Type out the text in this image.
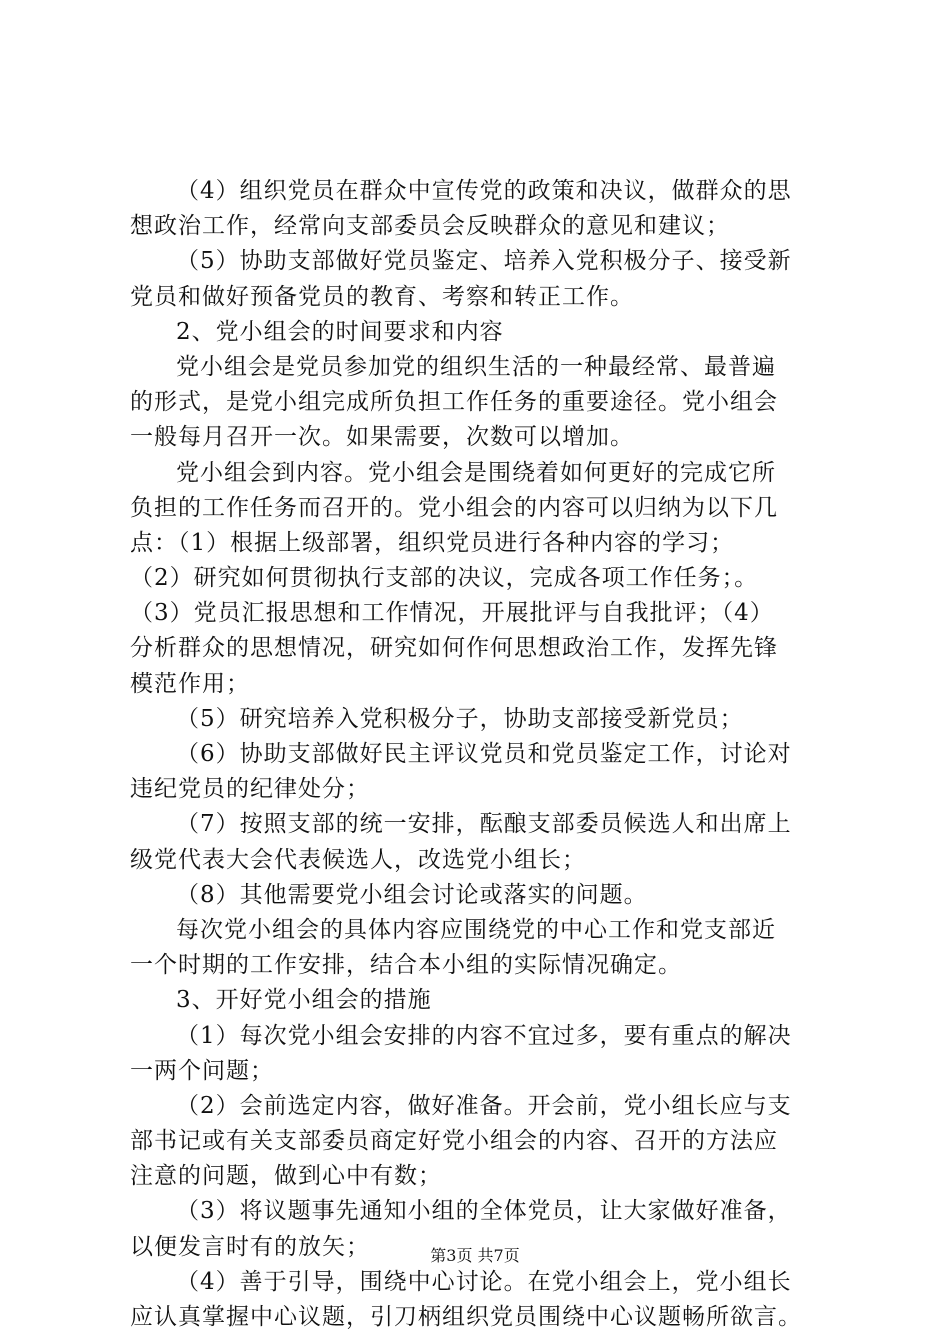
（4）组织党员在群众中宣传党的政策和决议，做群众的思
想政治工作，经常向支部委员会反映群众的意见和建议；
（5）协助支部做好党员鉴定、培养入党积极分子、接受新
党员和做好预备党员的教育、考察和转正工作。
2、党小组会的时间要求和内容
党小组会是党员参加党的组织生活的一种最经常、最普遍
的形式，是党小组完成所负担工作任务的重要途径。党小组会
一般每月召开一次。如果需要，次数可以增加。
党小组会到内容。党小组会是围绕着如何更好的完成它所
负担的工作任务而召开的。党小组会的内容可以归纳为以下几
点：（1）根据上级部署，组织党员进行各种内容的学习；
（2）研究如何贯彻执行支部的决议，完成各项工作任务；。
（3）党员汇报思想和工作情况，开展批评与自我批评；（4）
分析群众的思想情况，研究如何作何思想政治工作，发挥先锋
模范作用；
（5）研究培养入党积极分子，协助支部接受新党员；
（6）协助支部做好民主评议党员和党员鉴定工作，讨论对
违纪党员的纪律处分；
（7）按照支部的统一安排，酝酿支部委员候选人和出席上
级党代表大会代表候选人，改选党小组长；
（8）其他需要党小组会讨论或落实的问题。
每次党小组会的具体内容应围绕党的中心工作和党支部近
一个时期的工作安排，结合本小组的实际情况确定。
3、开好党小组会的措施
（1）每次党小组会安排的内容不宜过多，要有重点的解决
一两个问题；
（2）会前选定内容，做好准备。开会前，党小组长应与支
部书记或有关支部委员商定好党小组会的内容、召开的方法应
注意的问题，做到心中有数；
（3）将议题事先通知小组的全体党员，让大家做好准备，
以便发言时有的放矢；
（4）善于引导，围绕中心讨论。在党小组会上，党小组长
应认真掌握中心议题，引刀柄组织党员围绕中心议题畅所欲言。
第3页 共7页
